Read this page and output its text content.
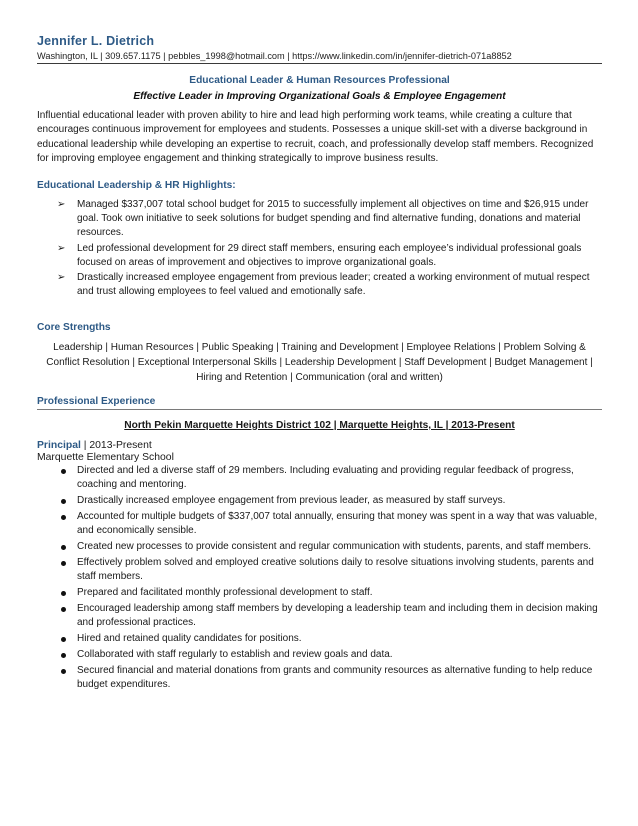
Jennifer L. Dietrich
Washington, IL | 309.657.1175 | pebbles_1998@hotmail.com | https://www.linkedin.com/in/jennifer-dietrich-071a8852
Educational Leader & Human Resources Professional
Effective Leader in Improving Organizational Goals & Employee Engagement
Influential educational leader with proven ability to hire and lead high performing work teams, while creating a culture that encourages continuous improvement for employees and students. Possesses a unique skill-set with a diverse background in educational leadership while developing an expertise to recruit, coach, and professionally develop staff members. Recognized for improving employee engagement and thinking strategically to improve business results.
Educational Leadership & HR Highlights:
➢ Managed $337,007 total school budget for 2015 to successfully implement all objectives on time and $26,915 under goal. Took own initiative to seek solutions for budget spending and find alternative funding, donations and material resources.
➢ Led professional development for 29 direct staff members, ensuring each employee’s individual professional goals focused on areas of improvement and objectives to improve organizational goals.
➢ Drastically increased employee engagement from previous leader; created a working environment of mutual respect and trust allowing employees to feel valued and emotionally safe.
Core Strengths
Leadership | Human Resources | Public Speaking | Training and Development | Employee Relations | Problem Solving & Conflict Resolution | Exceptional Interpersonal Skills | Leadership Development | Staff Development | Budget Management | Hiring and Retention | Communication (oral and written)
Professional Experience
North Pekin Marquette Heights District 102 | Marquette Heights, IL | 2013-Present
Principal | 2013-Present
Marquette Elementary School
Directed and led a diverse staff of 29 members. Including evaluating and providing regular feedback of progress, coaching and mentoring.
Drastically increased employee engagement from previous leader, as measured by staff surveys.
Accounted for multiple budgets of $337,007 total annually, ensuring that money was spent in a way that was valuable, and economically sensible.
Created new processes to provide consistent and regular communication with students, parents, and staff members.
Effectively problem solved and employed creative solutions daily to resolve situations involving students, parents and staff members.
Prepared and facilitated monthly professional development to staff.
Encouraged leadership among staff members by developing a leadership team and including them in decision making and professional practices.
Hired and retained quality candidates for positions.
Collaborated with staff regularly to establish and review goals and data.
Secured financial and material donations from grants and community resources as alternative funding to help reduce budget expenditures.
